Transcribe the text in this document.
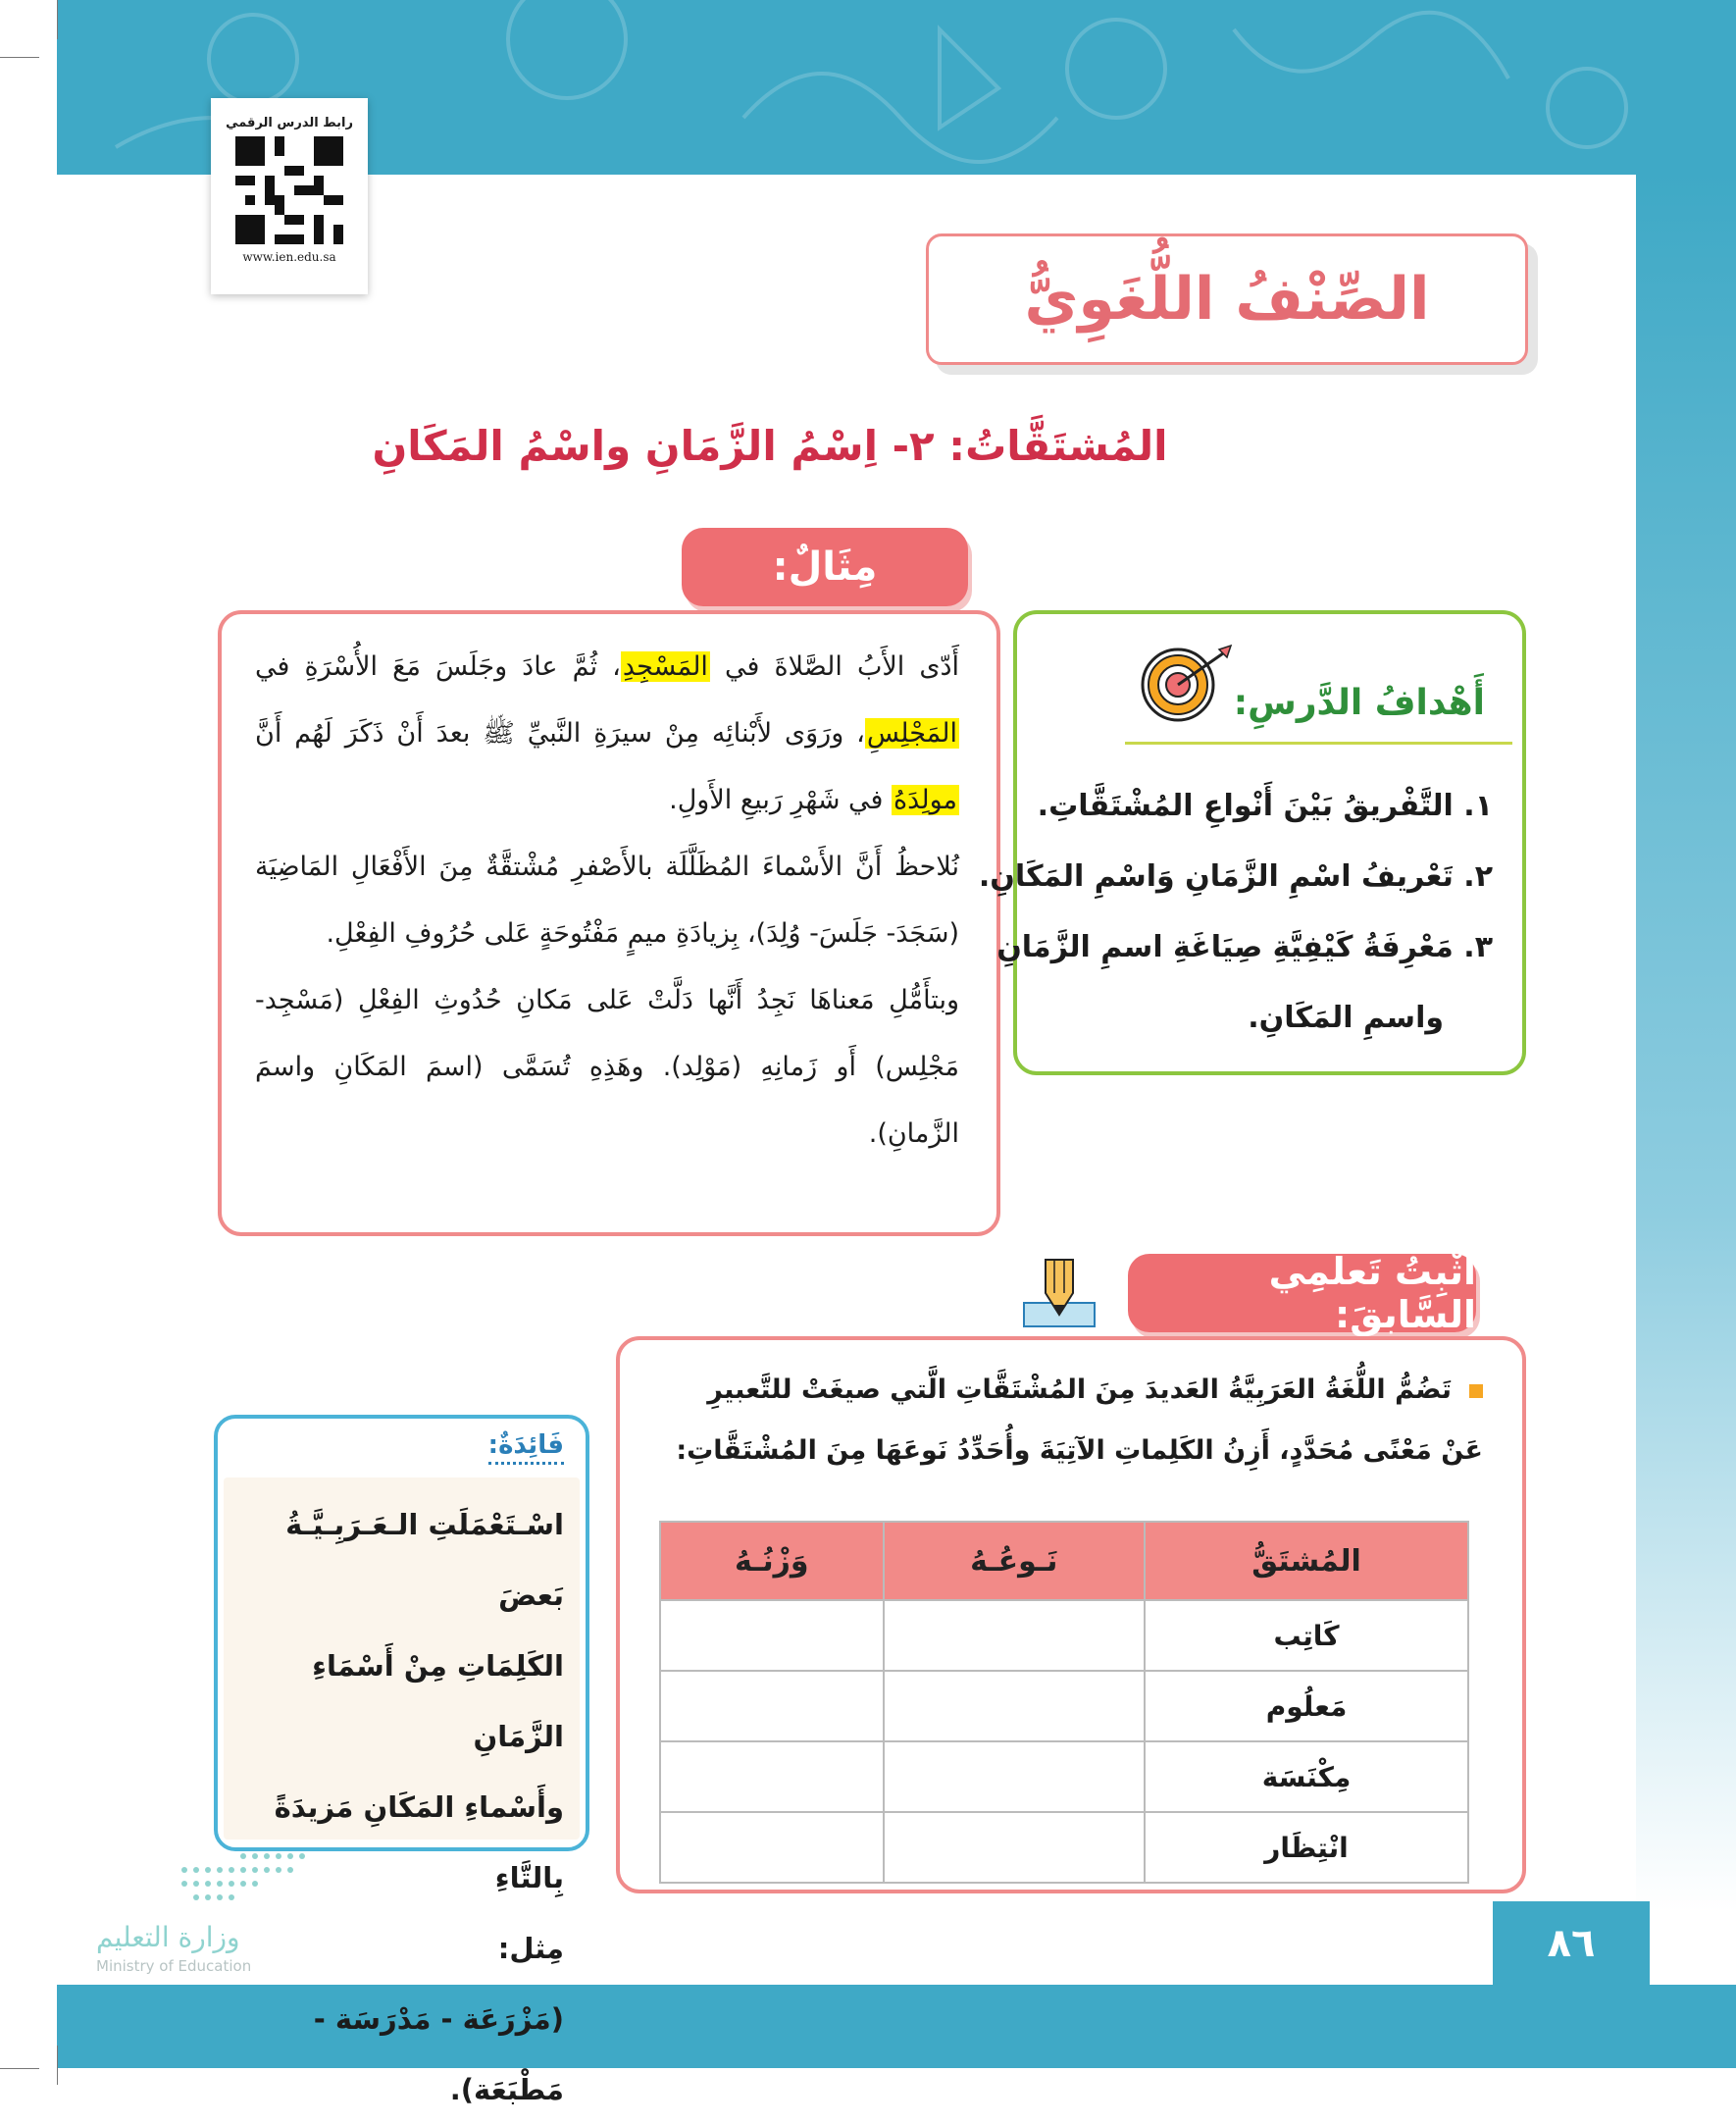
٨٦
رابط الدرس الرقمي
www.ien.edu.sa
الصِّنْفُ اللُّغَوِيُّ
المُشتَقَّاتُ: ٢- اِسْمُ الزَّمَانِ واسْمُ المَكَانِ
مِثَالٌ:

أَدّى الأَبُ الصَّلاةَ في المَسْجِدِ، ثُمَّ عادَ وجَلَسَ مَعَ الأُسْرَةِ في المَجْلِسِ، ورَوَى لأَبْنائِه مِنْ سيرَةِ النَّبيِّ ﷺ بعدَ أَنْ ذَكَرَ لَهُم أَنَّ مولِدَهُ في شَهْرِ رَبيعِ الأَولِ.

نُلاحظُ أَنَّ الأَسْماءَ المُظَلَّلَة بالأَصْفرِ مُشْتقَّةٌ مِنَ الأَفْعَالِ المَاضِيَة (سَجَدَ- جَلَسَ- وُلِدَ)، بِزيادَةِ ميمٍ مَفْتُوحَةٍ عَلى حُرُوفِ الفِعْلِ.

وبتأَمُّلِ مَعناهَا نَجِدُ أَنَّها دَلَّتْ عَلى مَكانِ حُدُوثِ الفِعْلِ (مَسْجِد-مَجْلِس) أَو زَمانِهِ (مَوْلِد). وهَذِهِ تُسَمَّى (اسمَ المَكَانِ واسمَ الزَّمانِ).

أَهْدافُ الدَّرسِ:
١. التَّفْريقُ بَيْنَ أَنْواعِ المُشْتَقَّاتِ.
٢. تَعْريفُ اسْمِ الزَّمَانِ وَاسْمِ المَكَانِ.
٣. مَعْرِفَةُ كَيْفِيَّةِ صِيَاغَةِ اسمِ الزَّمَانِ
واسمِ المَكَانِ.
أُثْبِتُ تَعلُّمِي السَّابقَ:
تَضُمُّ اللُّغَةُ العَرَبِيَّةُ العَديدَ مِنَ المُشْتَقَّاتِ الَّتي صيغَتْ للتَّعبيرِ عَنْ مَعْنًى مُحَدَّدٍ، أَزِنُ الكَلِماتِ الآتِيَةَ وأُحَدِّدُ نَوعَهَا مِنَ المُشْتَقَّاتِ:
المُشتَقُّ	نَـوعُـهُ	وَزْنُـهُ
كَاتِب		
مَعلُوم		
مِكْنَسَة		
انْتِظَار		
فَائِدَةٌ:
اسْـتَعْمَلَتِ الـعَـرَبِـيَّـةُ بَعضَ
الكَلِمَاتِ مِنْ أَسْمَاءِ الزَّمَانِ
وأَسْماءِ المَكَانِ مَزيدَةً بِالتَّاءِ
مِثل:
(مَزْرَعَة - مَدْرَسَة - مَطْبَعَة).
وزارة التعليم
Ministry of Education
